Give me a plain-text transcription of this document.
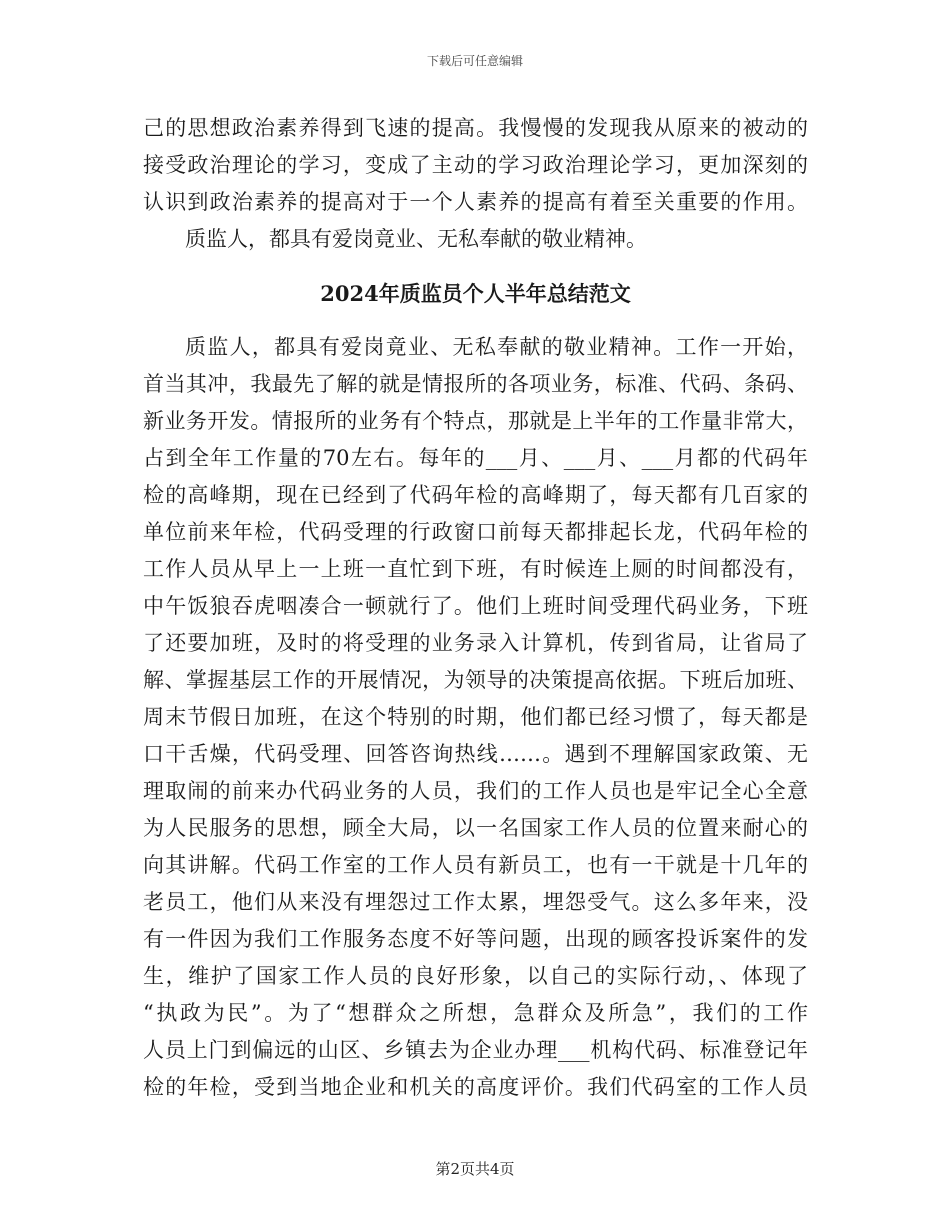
下载后可任意编辑
己的思想政治素养得到飞速的提高。我慢慢的发现我从原来的被动的
接受政治理论的学习，变成了主动的学习政治理论学习，更加深刻的
认识到政治素养的提高对于一个人素养的提高有着至关重要的作用。
质监人，都具有爱岗竟业、无私奉献的敬业精神。
2024年质监员个人半年总结范文
质监人，都具有爱岗竟业、无私奉献的敬业精神。工作一开始，
首当其冲，我最先了解的就是情报所的各项业务，标准、代码、条码、
新业务开发。情报所的业务有个特点，那就是上半年的工作量非常大，
占到全年工作量的70左右。每年的___月、___月、___月都的代码年
检的高峰期，现在已经到了代码年检的高峰期了，每天都有几百家的
单位前来年检，代码受理的行政窗口前每天都排起长龙，代码年检的
工作人员从早上一上班一直忙到下班，有时候连上厕的时间都没有，
中午饭狼吞虎咽凑合一顿就行了。他们上班时间受理代码业务，下班
了还要加班，及时的将受理的业务录入计算机，传到省局，让省局了
解、掌握基层工作的开展情况，为领导的决策提高依据。下班后加班、
周末节假日加班，在这个特别的时期，他们都已经习惯了，每天都是
口干舌燥，代码受理、回答咨询热线……。遇到不理解国家政策、无
理取闹的前来办代码业务的人员，我们的工作人员也是牢记全心全意
为人民服务的思想，顾全大局，以一名国家工作人员的位置来耐心的
向其讲解。代码工作室的工作人员有新员工，也有一干就是十几年的
老员工，他们从来没有埋怨过工作太累，埋怨受气。这么多年来，没
有一件因为我们工作服务态度不好等问题，出现的顾客投诉案件的发
生，维护了国家工作人员的良好形象，以自己的实际行动，、体现了
“执政为民”。为了“想群众之所想，急群众及所急”，我们的工作
人员上门到偏远的山区、乡镇去为企业办理___机构代码、标准登记年
检的年检，受到当地企业和机关的高度评价。我们代码室的工作人员
第2页共4页
